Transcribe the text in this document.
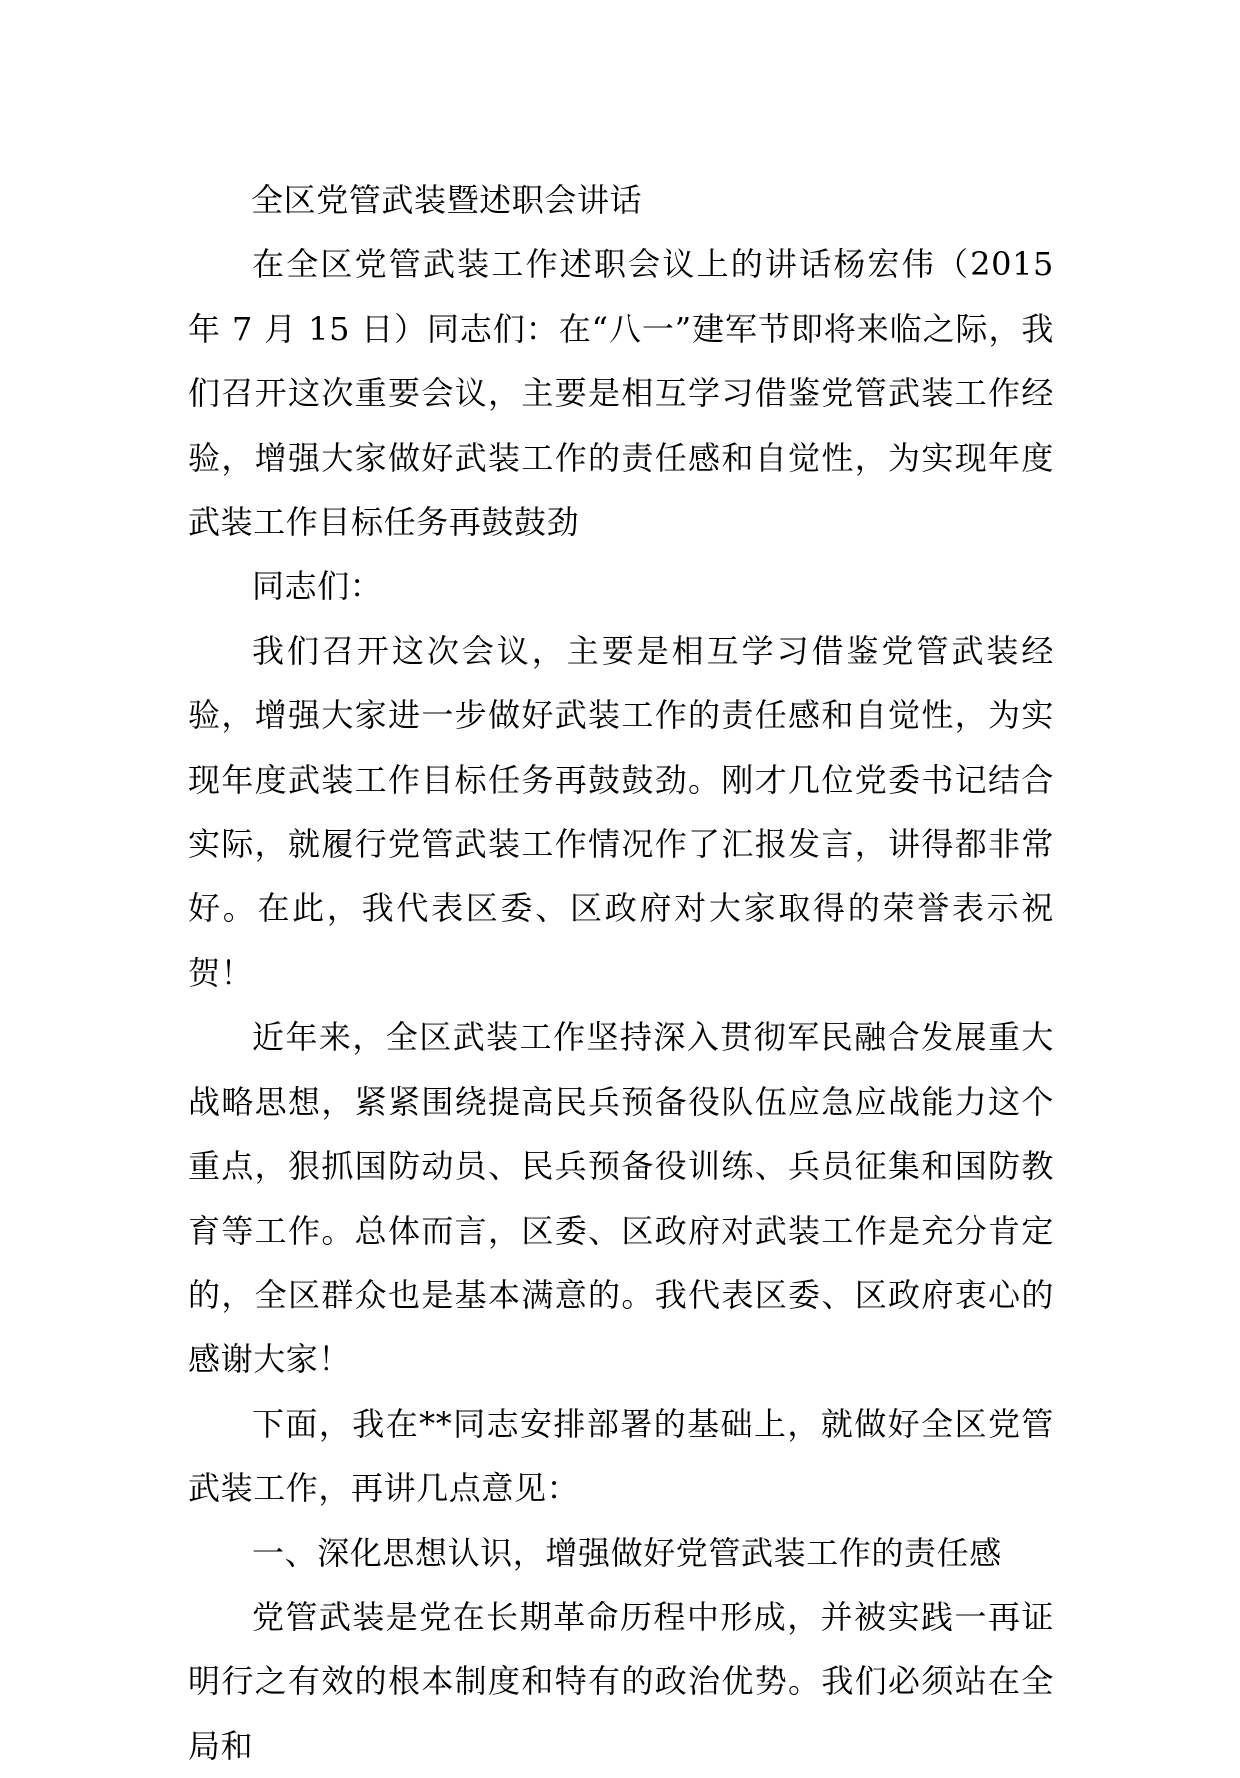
全区党管武装暨述职会讲话

在全区党管武装工作述职会议上的讲话杨宏伟（2015 年 7 月 15 日）同志们：在“八一”建军节即将来临之际，我们召开这次重要会议，主要是相互学习借鉴党管武装工作经验，增强大家做好武装工作的责任感和自觉性，为实现年度武装工作目标任务再鼓鼓劲

同志们：

我们召开这次会议，主要是相互学习借鉴党管武装经验，增强大家进一步做好武装工作的责任感和自觉性，为实现年度武装工作目标任务再鼓鼓劲。刚才几位党委书记结合实际，就履行党管武装工作情况作了汇报发言，讲得都非常好。在此，我代表区委、区政府对大家取得的荣誉表示祝贺！

近年来，全区武装工作坚持深入贯彻军民融合发展重大战略思想，紧紧围绕提高民兵预备役队伍应急应战能力这个重点，狠抓国防动员、民兵预备役训练、兵员征集和国防教育等工作。总体而言，区委、区政府对武装工作是充分肯定的，全区群众也是基本满意的。我代表区委、区政府衷心的感谢大家！

下面，我在**同志安排部署的基础上，就做好全区党管武装工作，再讲几点意见：

一、深化思想认识，增强做好党管武装工作的责任感

党管武装是党在长期革命历程中形成，并被实践一再证明行之有效的根本制度和特有的政治优势。我们必须站在全局和
